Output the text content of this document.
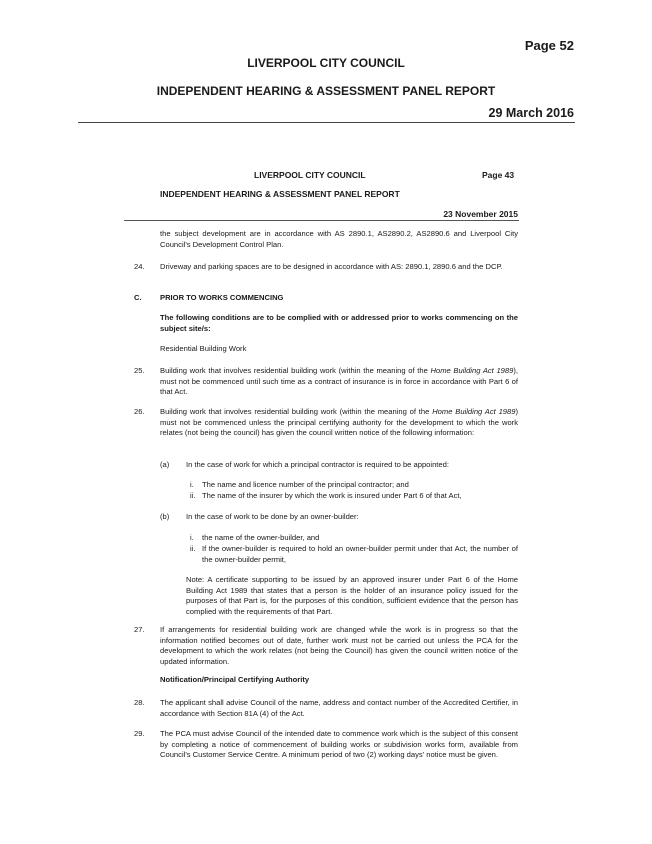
Page 52
LIVERPOOL CITY COUNCIL
INDEPENDENT HEARING & ASSESSMENT PANEL REPORT
29 March 2016
LIVERPOOL CITY COUNCIL	Page 43
INDEPENDENT HEARING & ASSESSMENT PANEL REPORT
23 November 2015
the subject development are in accordance with AS 2890.1, AS2890.2, AS2890.6 and Liverpool City Council's Development Control Plan.
24. Driveway and parking spaces are to be designed in accordance with AS: 2890.1, 2890.6 and the DCP.
C. PRIOR TO WORKS COMMENCING
The following conditions are to be complied with or addressed prior to works commencing on the subject site/s:
Residential Building Work
25. Building work that involves residential building work (within the meaning of the Home Building Act 1989), must not be commenced until such time as a contract of insurance is in force in accordance with Part 6 of that Act.
26. Building work that involves residential building work (within the meaning of the Home Building Act 1989) must not be commenced unless the principal certifying authority for the development to which the work relates (not being the council) has given the council written notice of the following information:
(a) In the case of work for which a principal contractor is required to be appointed:
i. The name and licence number of the principal contractor; and
ii. The name of the insurer by which the work is insured under Part 6 of that Act,
(b) In the case of work to be done by an owner-builder:
i. the name of the owner-builder, and
ii. If the owner-builder is required to hold an owner-builder permit under that Act, the number of the owner-builder permit,
Note: A certificate supporting to be issued by an approved insurer under Part 6 of the Home Building Act 1989 that states that a person is the holder of an insurance policy issued for the purposes of that Part is, for the purposes of this condition, sufficient evidence that the person has complied with the requirements of that Part.
27. If arrangements for residential building work are changed while the work is in progress so that the information notified becomes out of date, further work must not be carried out unless the PCA for the development to which the work relates (not being the Council) has given the council written notice of the updated information.
Notification/Principal Certifying Authority
28. The applicant shall advise Council of the name, address and contact number of the Accredited Certifier, in accordance with Section 81A (4) of the Act.
29. The PCA must advise Council of the intended date to commence work which is the subject of this consent by completing a notice of commencement of building works or subdivision works form, available from Council's Customer Service Centre. A minimum period of two (2) working days' notice must be given.
